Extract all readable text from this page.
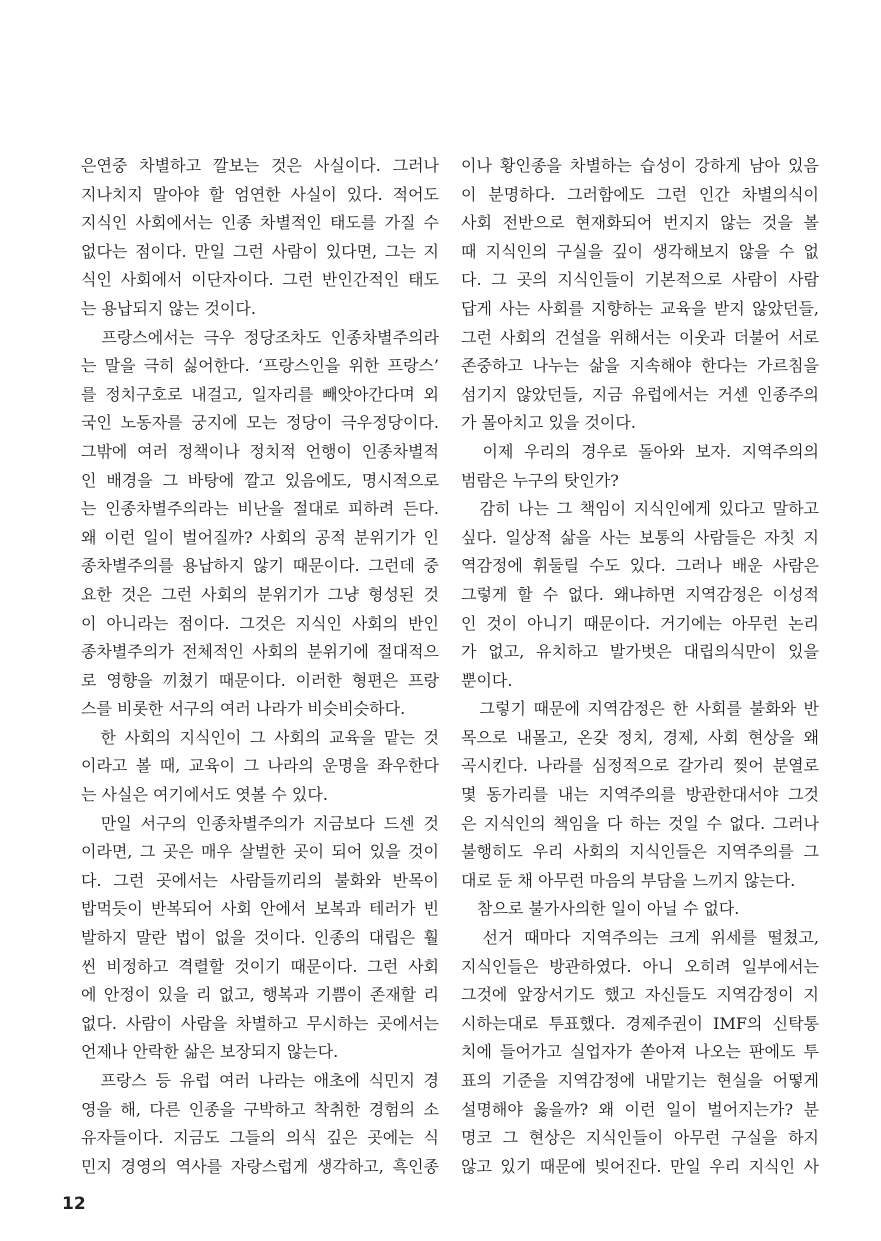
은연중 차별하고 깔보는 것은 사실이다. 그러나
지나치지 말아야 할 엄연한 사실이 있다. 적어도
지식인 사회에서는 인종 차별적인 태도를 가질 수
없다는 점이다. 만일 그런 사람이 있다면, 그는 지
식인 사회에서 이단자이다. 그런 반인간적인 태도
는 용납되지 않는 것이다.

　프랑스에서는 극우 정당조차도 인종차별주의라
는 말을 극히 싫어한다. ‘프랑스인을 위한 프랑스’
를 정치구호로 내걸고, 일자리를 빼앗아간다며 외
국인 노동자를 궁지에 모는 정당이 극우정당이다.
그밖에 여러 정책이나 정치적 언행이 인종차별적
인 배경을 그 바탕에 깔고 있음에도, 명시적으로
는 인종차별주의라는 비난을 절대로 피하려 든다.
왜 이런 일이 벌어질까? 사회의 공적 분위기가 인
종차별주의를 용납하지 않기 때문이다. 그런데 중
요한 것은 그런 사회의 분위기가 그냥 형성된 것
이 아니라는 점이다. 그것은 지식인 사회의 반인
종차별주의가 전체적인 사회의 분위기에 절대적으
로 영향을 끼쳤기 때문이다. 이러한 형편은 프랑
스를 비롯한 서구의 여러 나라가 비슷비슷하다.

　한 사회의 지식인이 그 사회의 교육을 맡는 것
이라고 볼 때, 교육이 그 나라의 운명을 좌우한다
는 사실은 여기에서도 엿볼 수 있다.

　만일 서구의 인종차별주의가 지금보다 드센 것
이라면, 그 곳은 매우 살벌한 곳이 되어 있을 것이
다. 그런 곳에서는 사람들끼리의 불화와 반목이
밥먹듯이 반복되어 사회 안에서 보복과 테러가 빈
발하지 말란 법이 없을 것이다. 인종의 대립은 훨
씬 비정하고 격렬할 것이기 때문이다. 그런 사회
에 안정이 있을 리 없고, 행복과 기쁨이 존재할 리
없다. 사람이 사람을 차별하고 무시하는 곳에서는
언제나 안락한 삶은 보장되지 않는다.

　프랑스 등 유럽 여러 나라는 애초에 식민지 경
영을 해, 다른 인종을 구박하고 착취한 경험의 소
유자들이다. 지금도 그들의 의식 깊은 곳에는 식
민지 경영의 역사를 자랑스럽게 생각하고, 흑인종

이나 황인종을 차별하는 습성이 강하게 남아 있음
이 분명하다. 그러함에도 그런 인간 차별의식이
사회 전반으로 현재화되어 번지지 않는 것을 볼
때 지식인의 구실을 깊이 생각해보지 않을 수 없
다. 그 곳의 지식인들이 기본적으로 사람이 사람
답게 사는 사회를 지향하는 교육을 받지 않았던들,
그런 사회의 건설을 위해서는 이웃과 더불어 서로
존중하고 나누는 삶을 지속해야 한다는 가르침을
섬기지 않았던들, 지금 유럽에서는 거센 인종주의
가 몰아치고 있을 것이다.

　이제 우리의 경우로 돌아와 보자. 지역주의의
범람은 누구의 탓인가?

　감히 나는 그 책임이 지식인에게 있다고 말하고
싶다. 일상적 삶을 사는 보통의 사람들은 자칫 지
역감정에 휘둘릴 수도 있다. 그러나 배운 사람은
그렇게 할 수 없다. 왜냐하면 지역감정은 이성적
인 것이 아니기 때문이다. 거기에는 아무런 논리
가 없고, 유치하고 발가벗은 대립의식만이 있을
뿐이다.

　그렇기 때문에 지역감정은 한 사회를 불화와 반
목으로 내몰고, 온갖 정치, 경제, 사회 현상을 왜
곡시킨다. 나라를 심정적으로 갈가리 찢어 분열로
몇 동가리를 내는 지역주의를 방관한대서야 그것
은 지식인의 책임을 다 하는 것일 수 없다. 그러나
불행히도 우리 사회의 지식인들은 지역주의를 그
대로 둔 채 아무런 마음의 부담을 느끼지 않는다.

　참으로 불가사의한 일이 아닐 수 없다.

　선거 때마다 지역주의는 크게 위세를 떨쳤고,
지식인들은 방관하였다. 아니 오히려 일부에서는
그것에 앞장서기도 했고 자신들도 지역감정이 지
시하는대로 투표했다. 경제주권이 IMF의 신탁통
치에 들어가고 실업자가 쏟아져 나오는 판에도 투
표의 기준을 지역감정에 내맡기는 현실을 어떻게
설명해야 옳을까? 왜 이런 일이 벌어지는가? 분
명코 그 현상은 지식인들이 아무런 구실을 하지
않고 있기 때문에 빚어진다. 만일 우리 지식인 사

12
